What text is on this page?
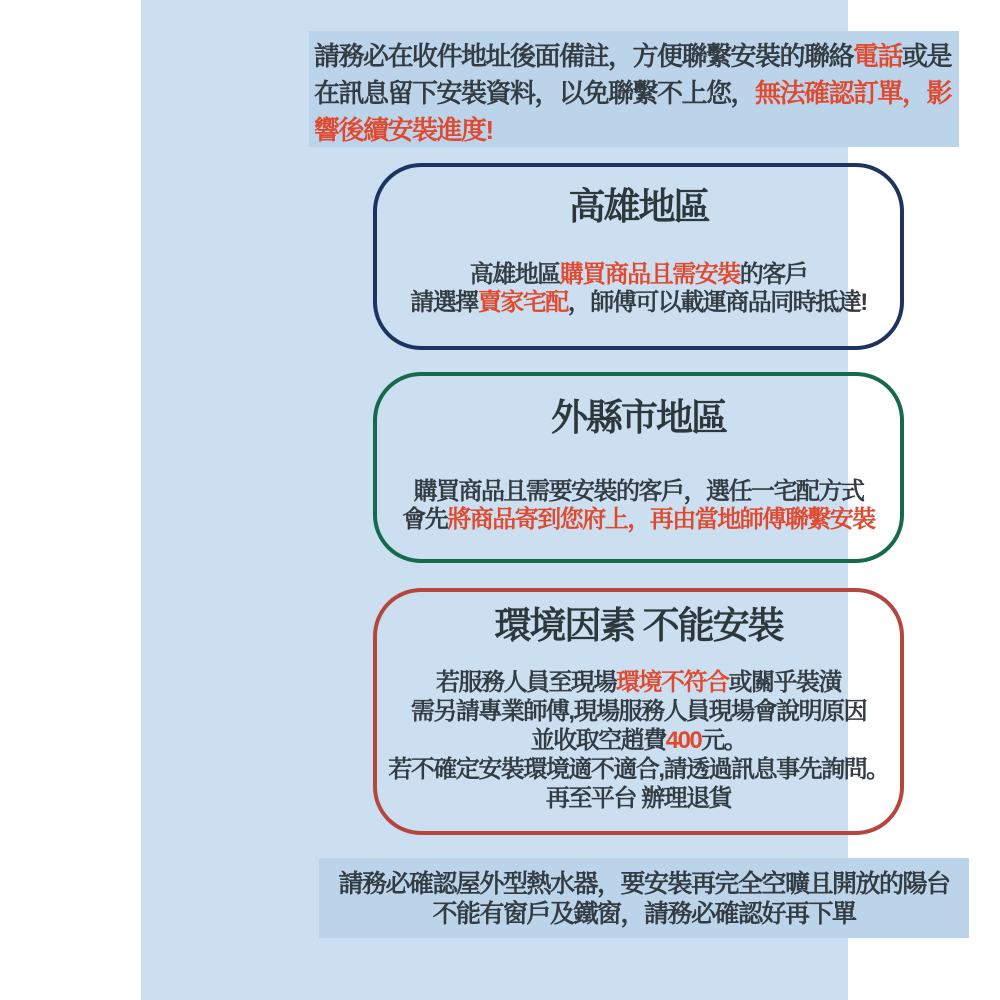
請務必在收件地址後面備註，方便聯繫安裝的聯絡電話或是在訊息留下安裝資料，以免聯繫不上您，無法確認訂單，影響後續安裝進度!

高雄地區
高雄地區購買商品且需安裝的客戶
請選擇賣家宅配，師傅可以載運商品同時抵達!
外縣市地區
購買商品且需要安裝的客戶，選任一宅配方式
會先將商品寄到您府上，再由當地師傅聯繫安裝
環境因素 不能安裝
若服務人員至現場環境不符合或關乎裝潢
需另請專業師傅,現場服務人員現場會說明原因
並收取空趙費400元。
若不確定安裝環境適不適合,請透過訊息事先詢問。
再至平台 辦理退貨
請務必確認屋外型熱水器，要安裝再完全空曠且開放的陽台
不能有窗戶及鐵窗，請務必確認好再下單
